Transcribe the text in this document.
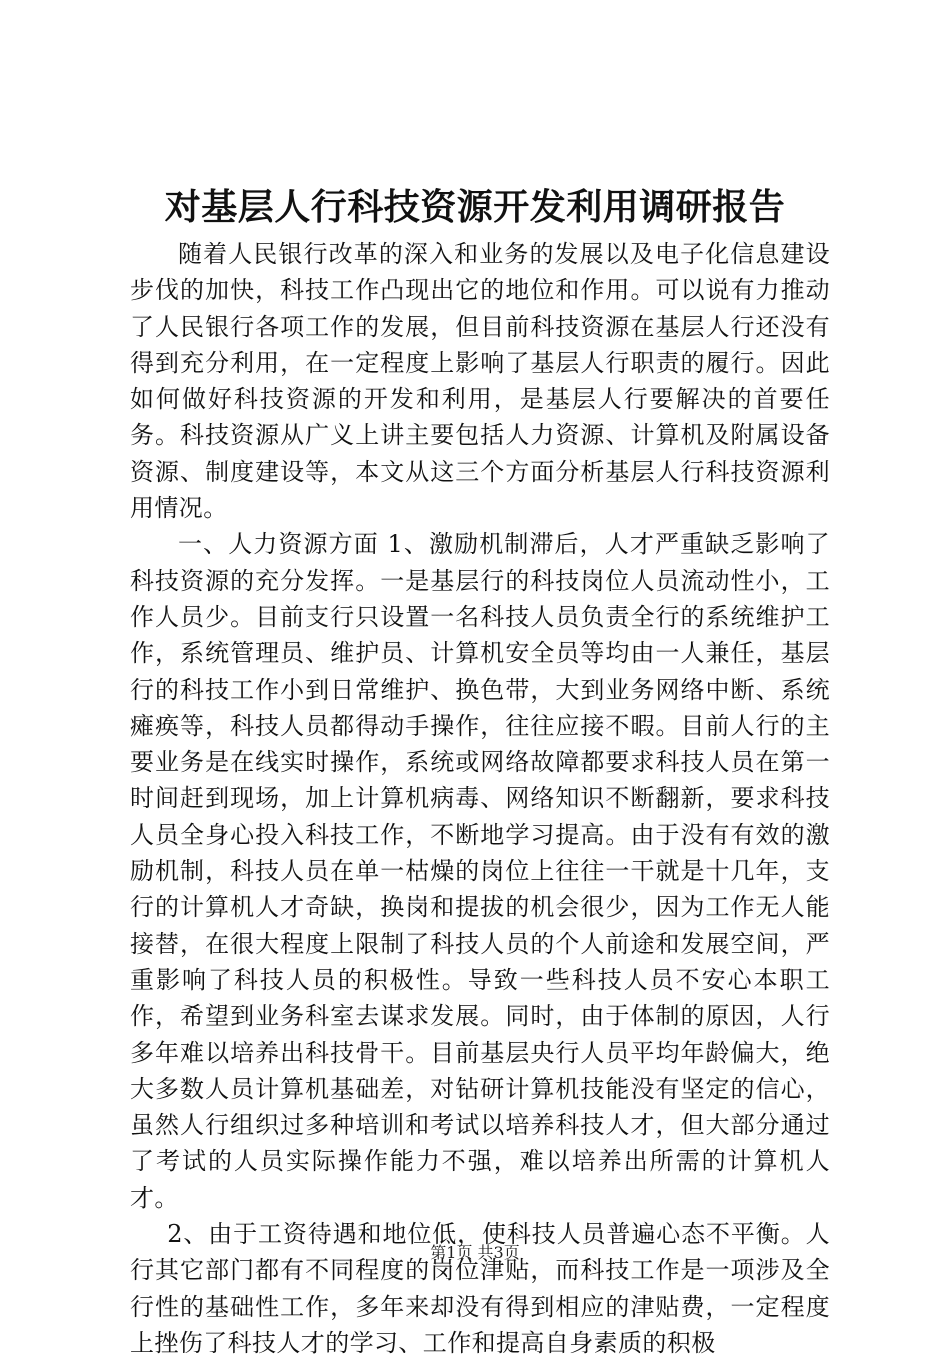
对基层人行科技资源开发利用调研报告

随着人民银行改革的深入和业务的发展以及电子化信息建设步伐的加快，科技工作凸现出它的地位和作用。可以说有力推动了人民银行各项工作的发展，但目前科技资源在基层人行还没有得到充分利用，在一定程度上影响了基层人行职责的履行。因此如何做好科技资源的开发和利用，是基层人行要解决的首要任务。科技资源从广义上讲主要包括人力资源、计算机及附属设备资源、制度建设等，本文从这三个方面分析基层人行科技资源利用情况。

一、人力资源方面 1、激励机制滞后，人才严重缺乏影响了科技资源的充分发挥。一是基层行的科技岗位人员流动性小，工作人员少。目前支行只设置一名科技人员负责全行的系统维护工作，系统管理员、维护员、计算机安全员等均由一人兼任，基层行的科技工作小到日常维护、换色带，大到业务网络中断、系统瘫痪等，科技人员都得动手操作，往往应接不暇。目前人行的主要业务是在线实时操作，系统或网络故障都要求科技人员在第一时间赶到现场，加上计算机病毒、网络知识不断翻新，要求科技人员全身心投入科技工作，不断地学习提高。由于没有有效的激励机制，科技人员在单一枯燥的岗位上往往一干就是十几年，支行的计算机人才奇缺，换岗和提拔的机会很少，因为工作无人能接替，在很大程度上限制了科技人员的个人前途和发展空间，严重影响了科技人员的积极性。导致一些科技人员不安心本职工作，希望到业务科室去谋求发展。同时，由于体制的原因，人行多年难以培养出科技骨干。目前基层央行人员平均年龄偏大，绝大多数人员计算机基础差，对钻研计算机技能没有坚定的信心，虽然人行组织过多种培训和考试以培养科技人才，但大部分通过了考试的人员实际操作能力不强，难以培养出所需的计算机人才。

2、由于工资待遇和地位低，使科技人员普遍心态不平衡。人行其它部门都有不同程度的岗位津贴，而科技工作是一项涉及全行性的基础性工作，多年来却没有得到相应的津贴费，一定程度上挫伤了科技人才的学习、工作和提高自身素质的积极

第1页 共3页
